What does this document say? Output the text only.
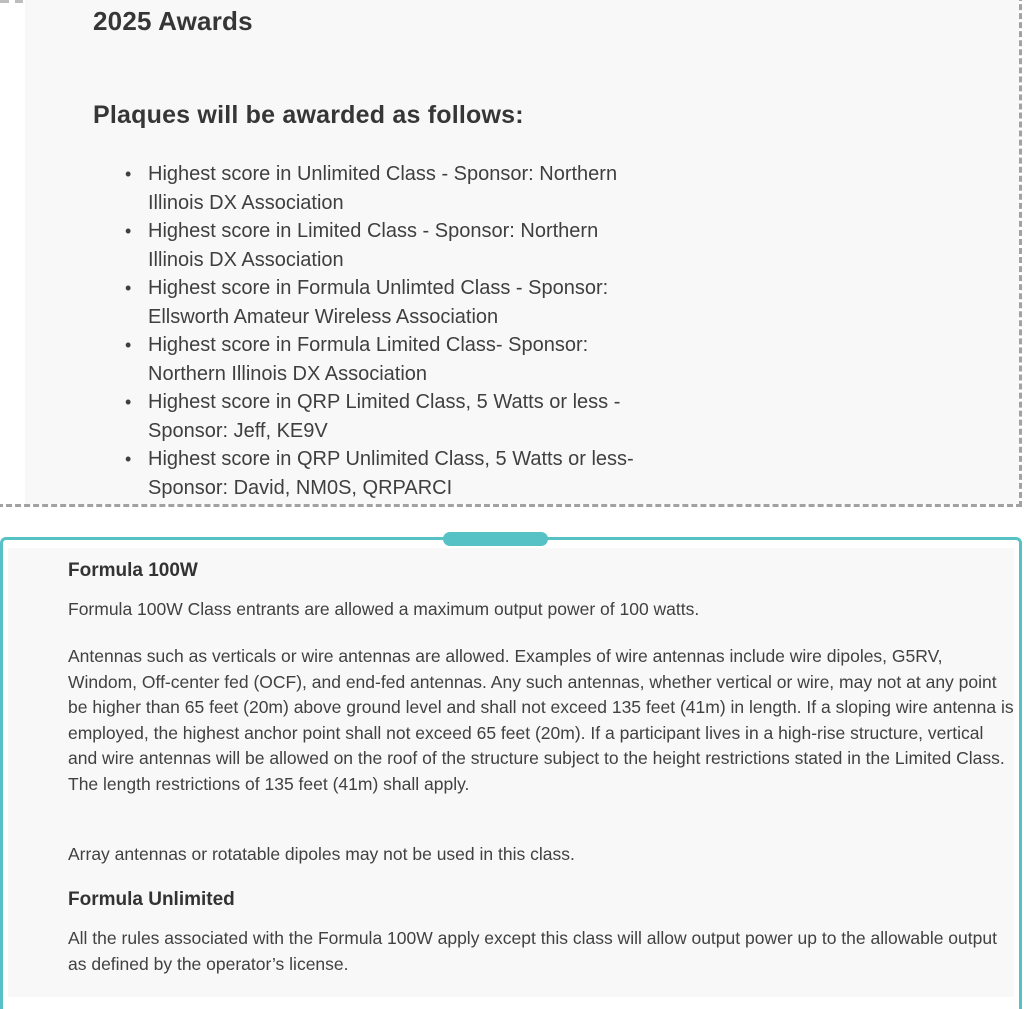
2025 Awards
Plaques will be awarded as follows:
• Highest score in Unlimited Class - Sponsor: Northern
Illinois DX Association
• Highest score in Limited Class - Sponsor: Northern
Illinois DX Association
• Highest score in Formula Unlimted Class - Sponsor:
Ellsworth Amateur Wireless Association
• Highest score in Formula Limited Class- Sponsor:
Northern Illinois DX Association
• Highest score in QRP Limited Class, 5 Watts or less -
Sponsor: Jeff, KE9V
• Highest score in QRP Unlimited Class, 5 Watts or less-
Sponsor: David, NM0S, QRPARCI
Formula 100W
Formula 100W Class entrants are allowed a maximum output power of 100 watts.
Antennas such as verticals or wire antennas are allowed. Examples of wire antennas include wire dipoles, G5RV, Windom, Off-center fed (OCF), and end-fed antennas. Any such antennas, whether vertical or wire, may not at any point be higher than 65 feet (20m) above ground level and shall not exceed 135 feet (41m) in length. If a sloping wire antenna is employed, the highest anchor point shall not exceed 65 feet (20m). If a participant lives in a high-rise structure, vertical and wire antennas will be allowed on the roof of the structure subject to the height restrictions stated in the Limited Class. The length restrictions of 135 feet (41m) shall apply.
Array antennas or rotatable dipoles may not be used in this class.
Formula Unlimited
All the rules associated with the Formula 100W apply except this class will allow output power up to the allowable output as defined by the operator’s license.
